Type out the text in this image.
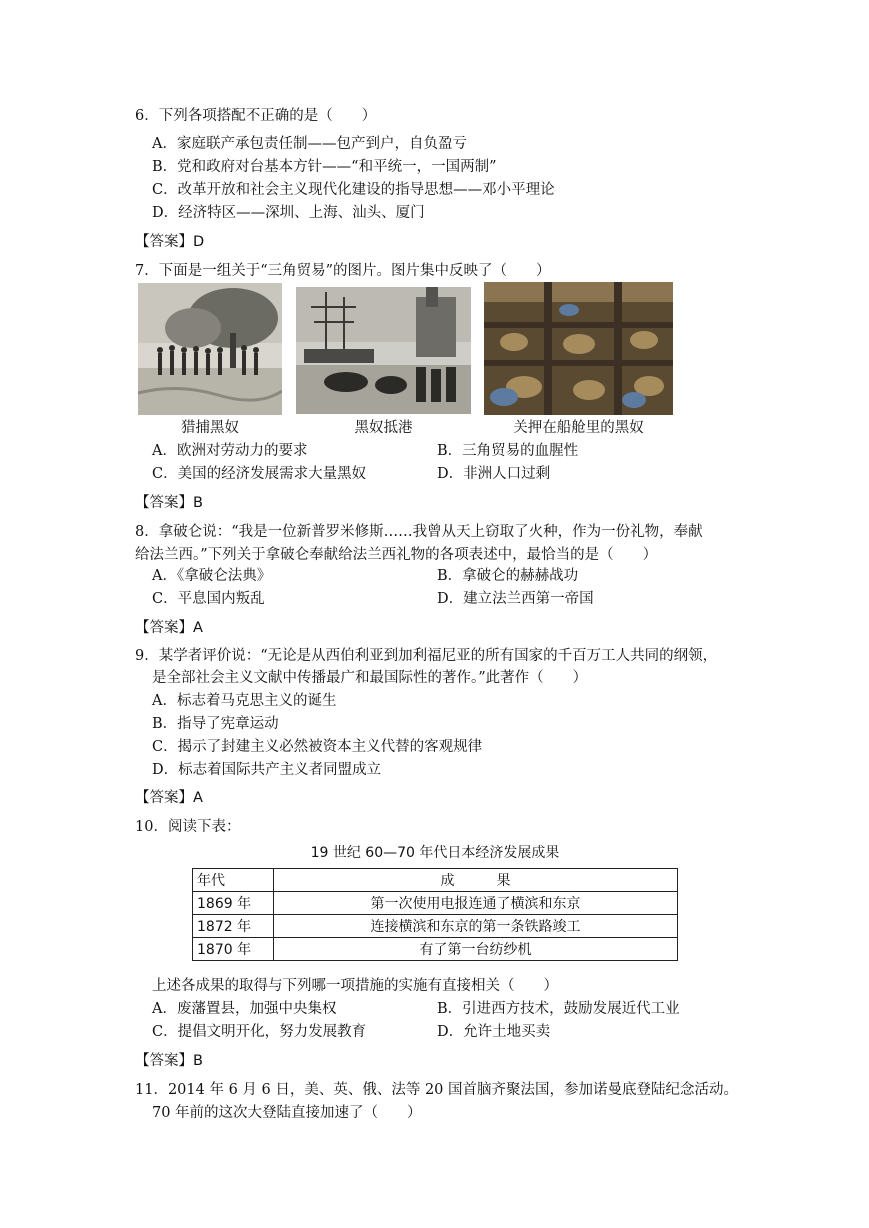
6．下列各项搭配不正确的是（　　）
A．家庭联产承包责任制——包产到户，自负盈亏
B．党和政府对台基本方针——“和平统一，一国两制”
C．改革开放和社会主义现代化建设的指导思想——邓小平理论
D．经济特区——深圳、上海、汕头、厦门
【答案】D
7．下面是一组关于“三角贸易”的图片。图片集中反映了（　　）
猎捕黑奴	黑奴抵港	关押在船舱里的黑奴
A．欧洲对劳动力的要求	B．三角贸易的血腥性
C．美国的经济发展需求大量黑奴	D．非洲人口过剩
【答案】B
8．拿破仑说：“我是一位新普罗米修斯……我曾从天上窃取了火种，作为一份礼物，奉献
给法兰西。”下列关于拿破仑奉献给法兰西礼物的各项表述中，最恰当的是（　　）
A．《拿破仑法典》	B．拿破仑的赫赫战功
C．平息国内叛乱	D．建立法兰西第一帝国
【答案】A
9．某学者评价说：“无论是从西伯利亚到加利福尼亚的所有国家的千百万工人共同的纲领，
是全部社会主义文献中传播最广和最国际性的著作。”此著作（　　）
A．标志着马克思主义的诞生
B．指导了宪章运动
C．揭示了封建主义必然被资本主义代替的客观规律
D．标志着国际共产主义者同盟成立
【答案】A
10．阅读下表：
19 世纪 60—70 年代日本经济发展成果
年代	成　　　果
1869 年	第一次使用电报连通了横滨和东京
1872 年	连接横滨和东京的第一条铁路竣工
1870 年	有了第一台纺纱机
上述各成果的取得与下列哪一项措施的实施有直接相关（　　）
A．废藩置县，加强中央集权	B．引进西方技术，鼓励发展近代工业
C．提倡文明开化，努力发展教育	D．允许土地买卖
【答案】B
11．2014 年 6 月 6 日，美、英、俄、法等 20 国首脑齐聚法国，参加诺曼底登陆纪念活动。
70 年前的这次大登陆直接加速了（　　）
